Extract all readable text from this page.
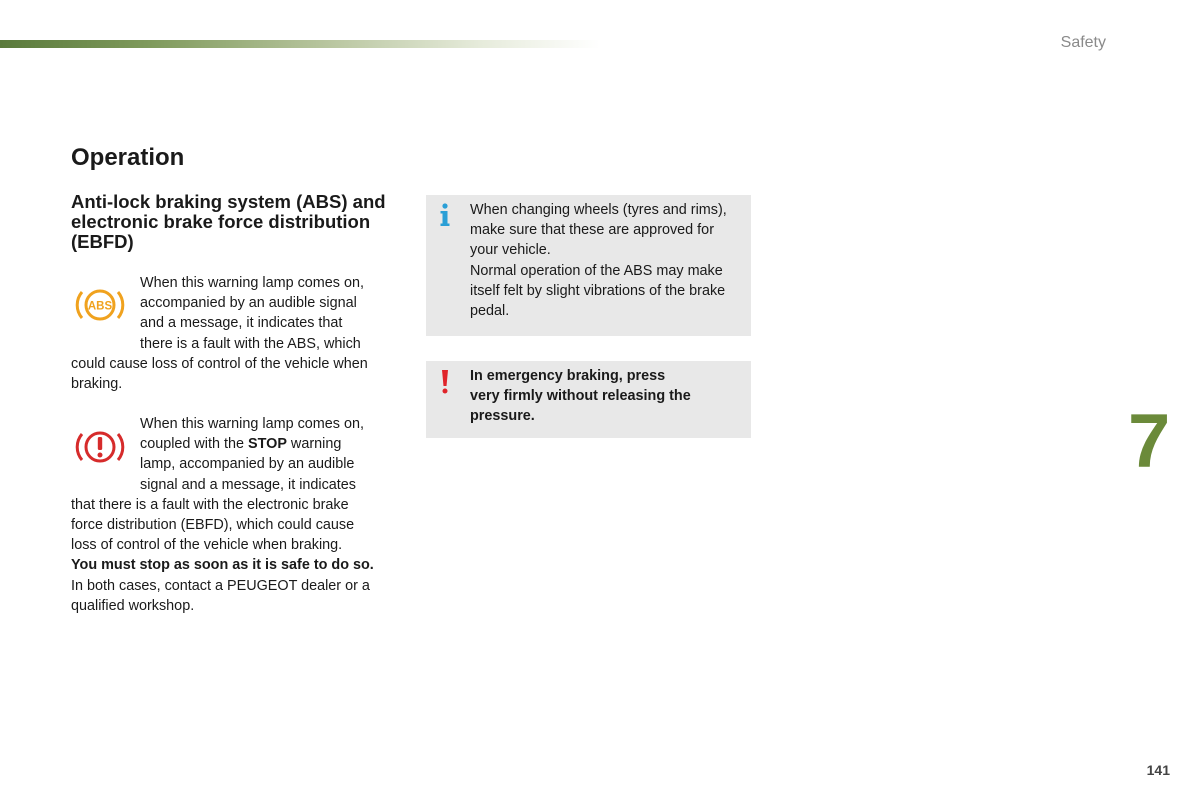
Safety
Operation
Anti-lock braking system (ABS) and electronic brake force distribution (EBFD)
ABS
When this warning lamp comes on,
accompanied by an audible signal
and a message, it indicates that
there is a fault with the ABS, which
could cause loss of control of the vehicle when
braking.
When this warning lamp comes on,
coupled with the STOP warning
lamp, accompanied by an audible
signal and a message, it indicates
that there is a fault with the electronic brake
force distribution (EBFD), which could cause
loss of control of the vehicle when braking.
You must stop as soon as it is safe to do so.
In both cases, contact a PEUGEOT dealer or a
qualified workshop.

When changing wheels (tyres and rims),
make sure that these are approved for
your vehicle.
Normal operation of the ABS may make
itself felt by slight vibrations of the brake
pedal.

In emergency braking, press
very firmly without releasing the
pressure.	7
141
